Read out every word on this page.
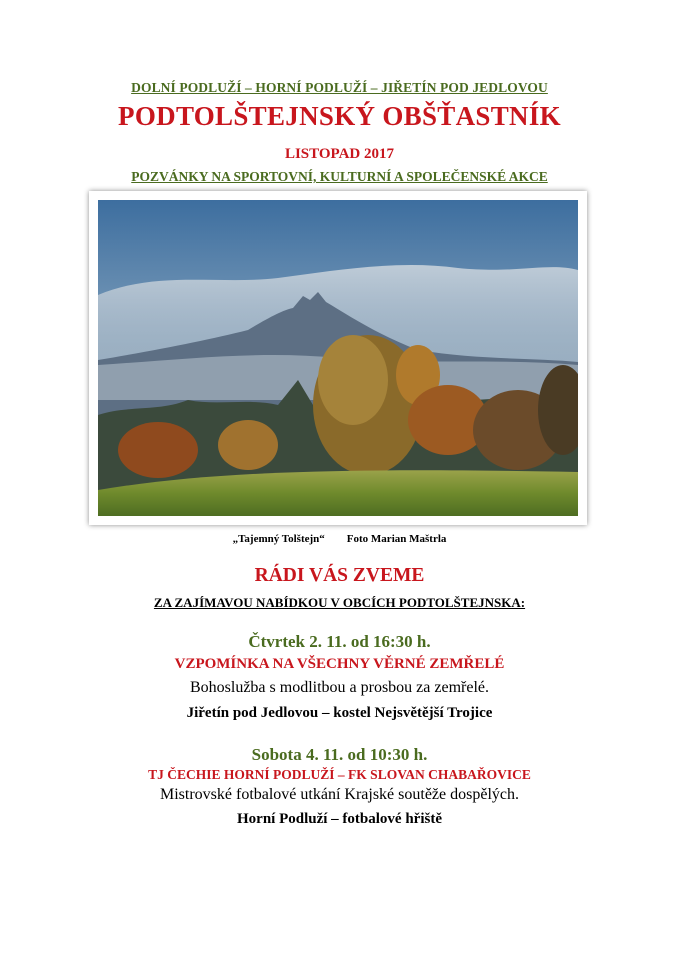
DOLNÍ PODLUŽÍ – HORNÍ PODLUŽÍ – JIŘETÍN POD JEDLOVOU
PODTOLŠTEJNSKÝ OBŠŤASTNÍK
LISTOPAD 2017
POZVÁNKY NA SPORTOVNÍ, KULTURNÍ A SPOLEČENSKÉ AKCE
„Tajemný Tolštejn“ Foto Marian Maštrla
RÁDI VÁS ZVEME
ZA ZAJÍMAVOU NABÍDKOU V OBCÍCH PODTOLŠTEJNSKA:
Čtvrtek 2. 11. od 16:30 h.
VZPOMÍNKA NA VŠECHNY VĚRNÉ ZEMŘELÉ
Bohoslužba s modlitbou a prosbou za zemřelé.
Jiřetín pod Jedlovou – kostel Nejsvětější Trojice
Sobota 4. 11. od 10:30 h.
TJ ČECHIE HORNÍ PODLUŽÍ – FK SLOVAN CHABAŘOVICE
Mistrovské fotbalové utkání Krajské soutěže dospělých.
Horní Podluží – fotbalové hřiště
